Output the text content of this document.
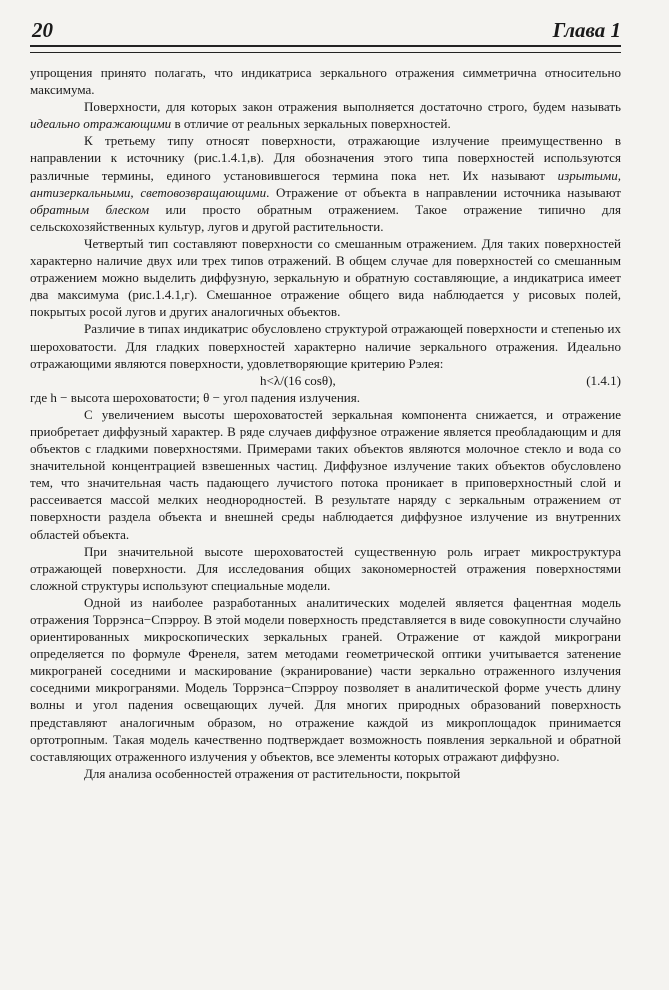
20	Глава 1

упрощения принято полагать, что индикатриса зеркального отражения симметрична относительно максимума.

Поверхности, для которых закон отражения выполняется достаточно строго, будем называть идеально отражающими в отличие от реальных зеркальных поверхностей.

К третьему типу относят поверхности, отражающие излучение преимущественно в направлении к источнику (рис.1.4.1,в). Для обозначения этого типа поверхностей используются различные термины, единого установившегося термина пока нет. Их называют изрытыми, антизеркальными, световозвращающими. Отражение от объекта в направлении источника называют обратным блеском или просто обратным отражением. Такое отражение типично для сельскохозяйственных культур, лугов и другой растительности.

Четвертый тип составляют поверхности со смешанным отражением. Для таких поверхностей характерно наличие двух или трех типов отражений. В общем случае для поверхностей со смешанным отражением можно выделить диффузную, зеркальную и обратную составляющие, а индикатриса имеет два максимума (рис.1.4.1,г). Смешанное отражение общего вида наблюдается у рисовых полей, покрытых росой лугов и других аналогичных объектов.

Различие в типах индикатрис обусловлено структурой отражающей поверхности и степенью их шероховатости. Для гладких поверхностей характерно наличие зеркального отражения. Идеально отражающими являются поверхности, удовлетворяющие критерию Рэлея:

h<λ/(16 cosθ),	(1.4.1)

где h − высота шероховатости; θ − угол падения излучения.

С увеличением высоты шероховатостей зеркальная компонента снижается, и отражение приобретает диффузный характер. В ряде случаев диффузное отражение является преобладающим и для объектов с гладкими поверхностями. Примерами таких объектов являются молочное стекло и вода со значительной концентрацией взвешенных частиц. Диффузное излучение таких объектов обусловлено тем, что значительная часть падающего лучистого потока проникает в приповерхностный слой и рассеивается массой мелких неоднородностей. В результате наряду с зеркальным отражением от поверхности раздела объекта и внешней среды наблюдается диффузное излучение из внутренних областей объекта.

При значительной высоте шероховатостей существенную роль играет микроструктура отражающей поверхности. Для исследования общих закономерностей отражения поверхностями сложной структуры используют специальные модели.

Одной из наиболее разработанных аналитических моделей является фацентная модель отражения Торрэнса−Спэрроу. В этой модели поверхность представляется в виде совокупности случайно ориентированных микроскопических зеркальных граней. Отражение от каждой микрограни определяется по формуле Френеля, затем методами геометрической оптики учитывается затенение микрограней соседними и маскирование (экранирование) части зеркально отраженного излучения соседними микрогранями. Модель Торрэнса−Спэрроу позволяет в аналитической форме учесть длину волны и угол падения освещающих лучей. Для многих природных образований поверхность представляют аналогичным образом, но отражение каждой из микроплощадок принимается ортотропным. Такая модель качественно подтверждает возможность появления зеркальной и обратной составляющих отраженного излучения у объектов, все элементы которых отражают диффузно.

Для анализа особенностей отражения от растительности, покрытой
